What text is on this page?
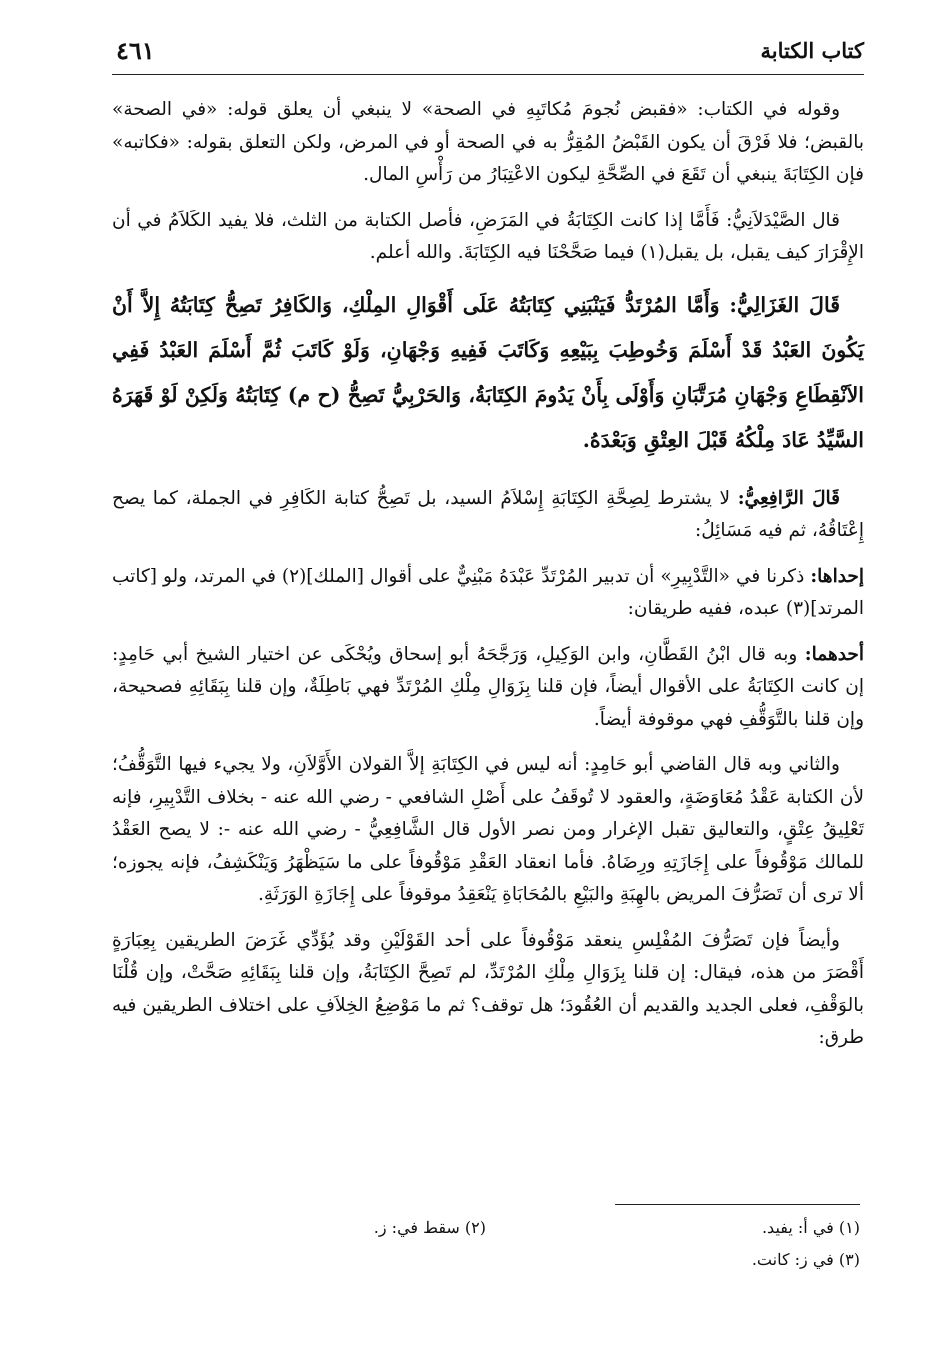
كتاب الكتابة
٤٦١

وقوله في الكتاب: «فقبض نُجومَ مُكاتَبِهِ في الصحة» لا ينبغي أن يعلق قوله: «في الصحة» بالقبض؛ فلا فَرْقَ أن يكون القَبْضُ المُقِرُّ به في الصحة أو في المرض، ولكن التعلق بقوله: «فكاتبه» فإن الكِتَابَةَ ينبغي أن تَقَعَ في الصِّحَّةِ ليكون الاعْتِبَارُ من رَأْسِ المال.

قال الصَّيْدَلاَنِيُّ: فَأَمَّا إذا كانت الكِتَابَةُ في المَرَضِ، فأصل الكتابة من الثلث، فلا يفيد الكَلاَمُ في أن الإِقْرَارَ كيف يقبل، بل يقبل(١) فيما صَحَّحْنَا فيه الكِتَابَةَ. والله أعلم.

قَالَ الغَزَالِيُّ: وَأَمَّا المُرْتَدُّ فَيَنْبَنِي كِتَابَتُهُ عَلَى أَقْوَالِ المِلْكِ، وَالكَافِرُ تَصِحُّ كِتَابَتُهُ إِلاَّ أَنْ يَكُونَ العَبْدُ قَدْ أَسْلَمَ وَخُوطِبَ بِبَيْعِهِ وَكَاتَبَ فَفِيهِ وَجْهَانِ، وَلَوْ كَاتَبَ ثُمَّ أَسْلَمَ العَبْدُ فَفِي الاَنْقِطَاعِ وَجْهَانِ مُرَتَّبَانِ وَأَوْلَى بِأَنْ يَدُومَ الكِتَابَةُ، وَالحَرْبِيُّ تَصِحُّ (ح م) كِتَابَتُهُ وَلَكِنْ لَوْ قَهَرَهُ السَّيِّدُ عَادَ مِلْكُهُ قَبْلَ العِتْقِ وَبَعْدَهُ.

قَالَ الرَّافِعِيُّ: لا يشترط لِصِحَّةِ الكِتَابَةِ إِسْلاَمُ السيد، بل تَصِحُّ كتابة الكَافِرِ في الجملة، كما يصح إِعْتَاقُهُ، ثم فيه مَسَائِلُ:

إحداها: ذكرنا في «التَّدْبِيرِ» أن تدبير المُرْتَدِّ عَبْدَهُ مَبْنِيٌّ على أقوال [الملك](٢) في المرتد، ولو [كاتب المرتد](٣) عبده، ففيه طريقان:

أحدهما: وبه قال ابْنُ القَطَّانِ، وابن الوَكِيلِ، وَرَجَّحَهُ أبو إسحاق ويُحْكَى عن اختيار الشيخ أبي حَامِدٍ: إن كانت الكِتَابَةُ على الأقوال أيضاً، فإن قلنا بِزَوَالِ مِلْكِ المُرْتَدِّ فهي بَاطِلَةٌ، وإن قلنا بِبَقَائِهِ فصحيحة، وإن قلنا بالتَّوَقُّفِ فهي موقوفة أيضاً.

والثاني وبه قال القاضي أبو حَامِدٍ: أنه ليس في الكِتَابَةِ إلاَّ القولان الأَوَّلاَنِ، ولا يجيء فيها التَّوَقُّفُ؛ لأن الكتابة عَقْدُ مُعَاوَضَةٍ، والعقود لا تُوقَفُ على أَصْلِ الشافعي - رضي الله عنه - بخلاف التَّدْبِيرِ، فإنه تَعْلِيقُ عِتْقٍ، والتعاليق تقبل الإغرار ومن نصر الأول قال الشَّافِعِيُّ - رضي الله عنه -: لا يصح العَقْدُ للمالك مَوْقُوفاً على إِجَازَتِهِ ورِضَاهُ. فأما انعقاد العَقْدِ مَوْقُوفاً على ما سَيَظْهَرُ وَيَنْكَشِفُ، فإنه يجوزه؛ ألا ترى أن تَصَرُّفَ المريض بالهِبَةِ والبَيْعِ بالمُحَابَاةِ يَنْعَقِدُ موقوفاً على إِجَازَةِ الوَرَثَةِ.

وأيضاً فإن تَصَرُّفَ المُفْلِسِ ينعقد مَوْقُوفاً على أحد القَوْلَيْنِ وقد يُؤَدِّي غَرَضَ الطريقين بِعِبَارَةٍ أَقْصَرَ من هذه، فيقال: إن قلنا بِزَوَالِ مِلْكِ المُرْتَدِّ، لم تَصِحَّ الكِتَابَةُ، وإن قلنا بِبَقَائِهِ صَحَّتْ، وإن قُلْنَا بالوَقْفِ، فعلى الجديد والقديم أن العُقُودَ؛ هل توقف؟ ثم ما مَوْضِعُ الخِلاَفِ على اختلاف الطريقين فيه طرق:

(١) في أ: يفيد.
(٢) سقط في: ز.
(٣) في ز: كانت.
